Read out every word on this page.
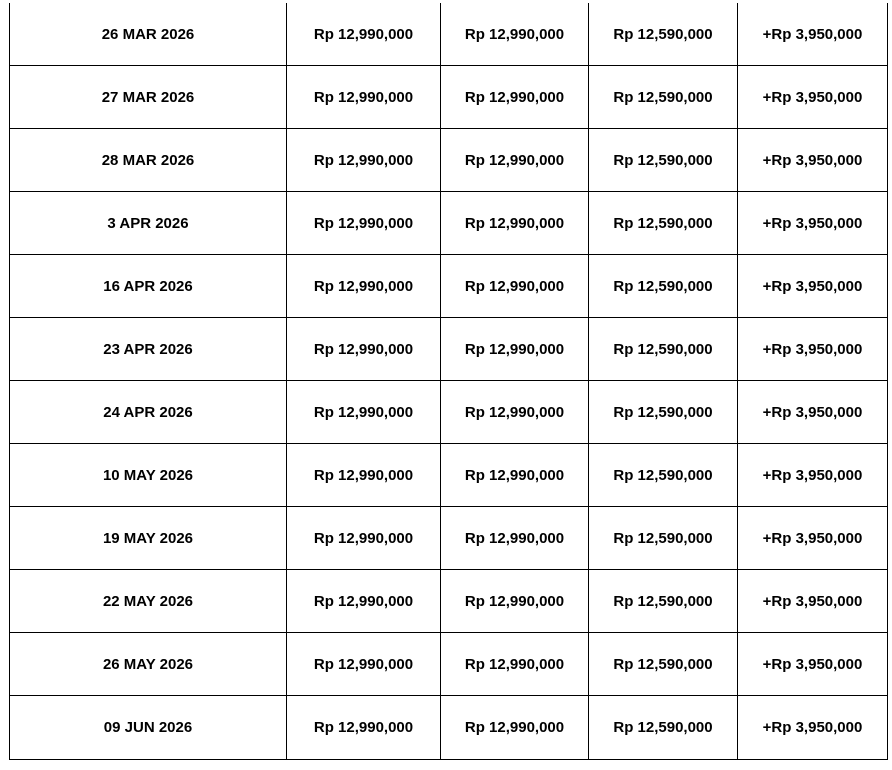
26 MAR 2026	Rp 12,990,000	Rp 12,990,000	Rp 12,590,000	+Rp 3,950,000
27 MAR 2026	Rp 12,990,000	Rp 12,990,000	Rp 12,590,000	+Rp 3,950,000
28 MAR 2026	Rp 12,990,000	Rp 12,990,000	Rp 12,590,000	+Rp 3,950,000
3 APR 2026	Rp 12,990,000	Rp 12,990,000	Rp 12,590,000	+Rp 3,950,000
16 APR 2026	Rp 12,990,000	Rp 12,990,000	Rp 12,590,000	+Rp 3,950,000
23 APR 2026	Rp 12,990,000	Rp 12,990,000	Rp 12,590,000	+Rp 3,950,000
24 APR 2026	Rp 12,990,000	Rp 12,990,000	Rp 12,590,000	+Rp 3,950,000
10 MAY 2026	Rp 12,990,000	Rp 12,990,000	Rp 12,590,000	+Rp 3,950,000
19 MAY 2026	Rp 12,990,000	Rp 12,990,000	Rp 12,590,000	+Rp 3,950,000
22 MAY 2026	Rp 12,990,000	Rp 12,990,000	Rp 12,590,000	+Rp 3,950,000
26 MAY 2026	Rp 12,990,000	Rp 12,990,000	Rp 12,590,000	+Rp 3,950,000
09 JUN 2026	Rp 12,990,000	Rp 12,990,000	Rp 12,590,000	+Rp 3,950,000
